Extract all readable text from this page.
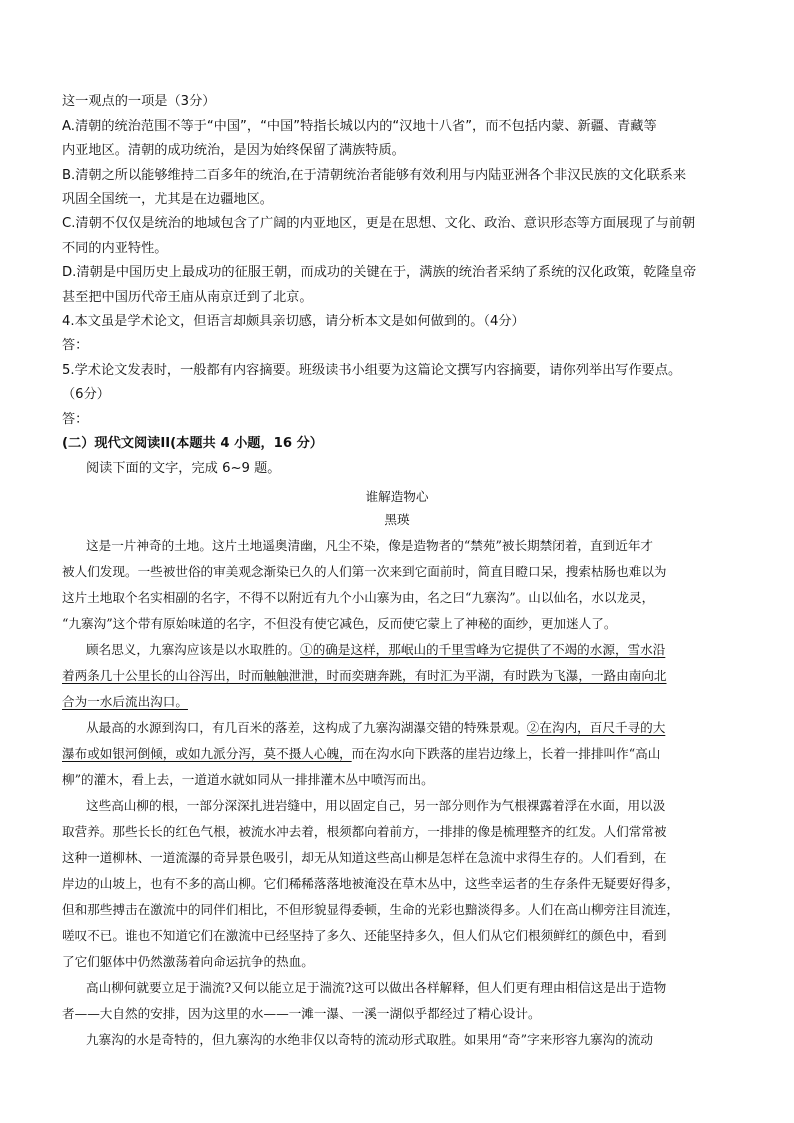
这一观点的一项是（3分）
A.清朝的统治范围不等于“中国”，“中国”特指长城以内的“汉地十八省”，而不包括内蒙、新疆、青藏等
内亚地区。清朝的成功统治，是因为始终保留了满族特质。
B.清朝之所以能够维持二百多年的统治,在于清朝统治者能够有效利用与内陆亚洲各个非汉民族的文化联系来
巩固全国统一，尤其是在边疆地区。
C.清朝不仅仅是统治的地域包含了广阔的内亚地区，更是在思想、文化、政治、意识形态等方面展现了与前朝
不同的内亚特性。
D.清朝是中国历史上最成功的征服王朝，而成功的关键在于，满族的统治者采纳了系统的汉化政策，乾隆皇帝
甚至把中国历代帝王庙从南京迁到了北京。
4.本文虽是学术论文，但语言却颇具亲切感，请分析本文是如何做到的。（4分）
答：
5.学术论文发表时，一般都有内容摘要。班级读书小组要为这篇论文撰写内容摘要，请你列举出写作要点。
（6分）
答：
(二）现代文阅读II(本题共 4 小题，16 分）
阅读下面的文字，完成 6~9 题。
谁解造物心
黑瑛
这是一片神奇的土地。这片土地遥奥清幽，凡尘不染，像是造物者的“禁苑”被长期禁闭着，直到近年才
被人们发现。一些被世俗的审美观念渐染已久的人们第一次来到它面前时，简直目瞪口呆，搜索枯肠也难以为
这片土地取个名实相副的名字，不得不以附近有九个小山寨为由，名之曰“九寨沟”。山以仙名，水以龙灵，
“九寨沟”这个带有原始味道的名字，不但没有使它减色，反而使它蒙上了神秘的面纱，更加迷人了。
顾名思义，九寨沟应该是以水取胜的。①的确是这样，那岷山的千里雪峰为它提供了不竭的水源，雪水沿
着两条几十公里长的山谷泻出，时而触触泄泄，时而奕瑭奔跳，有时汇为平湖，有时跌为飞瀑，一路由南向北
合为一水后流出沟口。
从最高的水源到沟口，有几百米的落差，这构成了九寨沟湖瀑交错的特殊景观。②在沟内，百尺千寻的大
瀑布或如银河倒倾，或如九派分泻，莫不摄人心魄，而在沟水向下跌落的崖岩边缘上，长着一排排叫作“高山
柳”的灌木，看上去，一道道水就如同从一排排灌木丛中喷泻而出。
这些高山柳的根，一部分深深扎进岩缝中，用以固定自己，另一部分则作为气根裸露着浮在水面，用以汲
取营养。那些长长的红色气根，被流水冲去着，根须都向着前方，一排排的像是梳理整齐的红发。人们常常被
这种一道柳林、一道流瀑的奇异景色吸引，却无从知道这些高山柳是怎样在急流中求得生存的。人们看到，在
岸边的山坡上，也有不多的高山柳。它们稀稀落落地被淹没在草木丛中，这些幸运者的生存条件无疑要好得多，
但和那些搏击在激流中的同伴们相比，不但形貌显得委顿，生命的光彩也黯淡得多。人们在高山柳旁注目流连，
嗟叹不已。谁也不知道它们在激流中已经坚持了多久、还能坚持多久，但人们从它们根须鲜红的颜色中，看到
了它们躯体中仍然激荡着向命运抗争的热血。
高山柳何就要立足于湍流?又何以能立足于湍流?这可以做出各样解释，但人们更有理由相信这是出于造物
者——大自然的安排，因为这里的水——一滩一瀑、一溪一湖似乎都经过了精心设计。
九寨沟的水是奇特的，但九寨沟的水绝非仅以奇特的流动形式取胜。如果用“奇”字来形容九寨沟的流动
